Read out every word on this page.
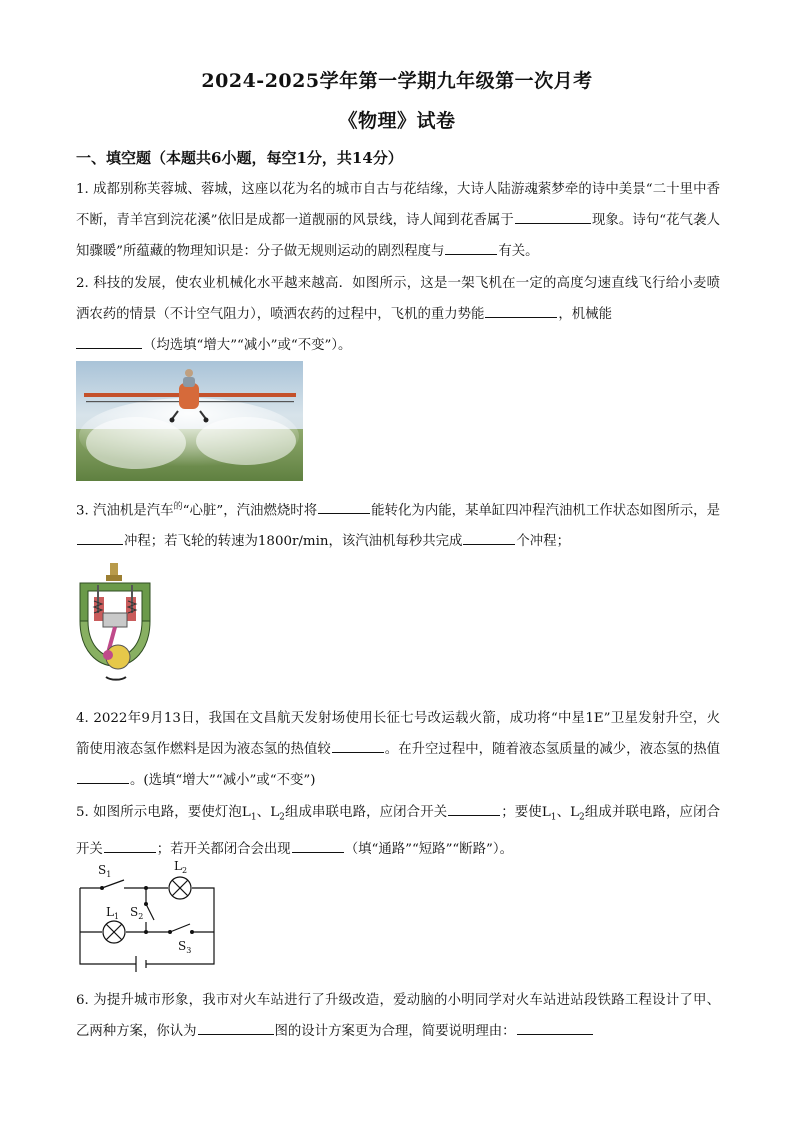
2024-2025学年第一学期九年级第一次月考
《物理》试卷
一、填空题（本题共6小题，每空1分，共14分）
1. 成都别称芙蓉城、蓉城，这座以花为名的城市自古与花结缘，大诗人陆游魂萦梦牵的诗中美景“二十里中香不断，青羊宫到浣花溪”依旧是成都一道靓丽的风景线，诗人闻到花香属于	现象。诗句“花气袭人知骤暖”所蕴藏的物理知识是：分子做无规则运动的剧烈程度与	有关。
2. 科技的发展，使农业机械化水平越来越高．如图所示，这是一架飞机在一定的高度匀速直线飞行给小麦喷洒农药的情景（不计空气阻力），喷洒农药的过程中，飞机的重力势能	，机械能
（均选填“增大”“减小”或“不变”）。
3. 汽油机是汽车$^的$“心脏”，汽油燃烧时将	能转化为内能，某单缸四冲程汽油机工作状态如图所示，是冲程；若飞轮的转速为1800r/min，该汽油机每秒共完成	个冲程；
4. 2022年9月13日，我国在文昌航天发射场使用长征七号改运载火箭，成功将“中星1E”卫星发射升空，火箭使用液态氢作燃料是因为液态氢的热值较	。在升空过程中，随着液态氢质量的减少，液态氢的热值。(选填“增大”“减小”或“不变”)
5. 如图所示电路，要使灯泡$L_1$、$L_2$组成串联电路，应闭合开关	；要使$L_1$、$L_2$组成并联电路，应闭合开关	；若开关都闭合会出现	（填“通路”“短路”“断路”）。
$S_1$
$L_2$
$L_1$ $S_2$
$S_3$
6. 为提升城市形象，我市对火车站进行了升级改造，爱动脑的小明同学对火车站进站段铁路工程设计了甲、乙两种方案，你认为	图的设计方案更为合理，简要说明理由：
